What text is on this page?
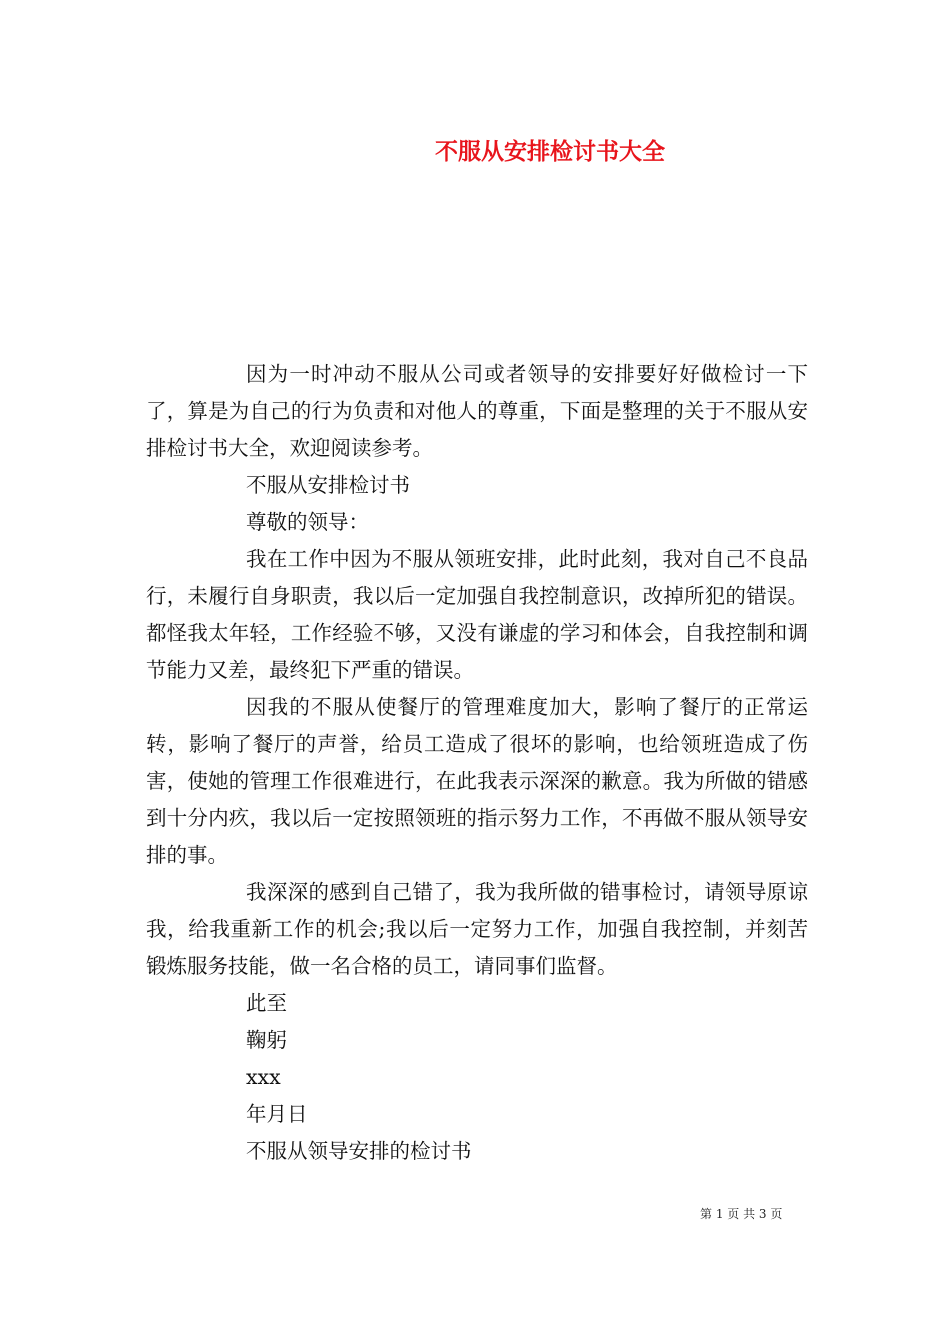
不服从安排检讨书大全

因为一时冲动不服从公司或者领导的安排要好好做检讨一下了，算是为自己的行为负责和对他人的尊重，下面是整理的关于不服从安排检讨书大全，欢迎阅读参考。

不服从安排检讨书

尊敬的领导：

我在工作中因为不服从领班安排，此时此刻，我对自己不良品行，未履行自身职责，我以后一定加强自我控制意识，改掉所犯的错误。都怪我太年轻，工作经验不够，又没有谦虚的学习和体会，自我控制和调节能力又差，最终犯下严重的错误。

因我的不服从使餐厅的管理难度加大，影响了餐厅的正常运转，影响了餐厅的声誉，给员工造成了很坏的影响，也给领班造成了伤害，使她的管理工作很难进行，在此我表示深深的歉意。我为所做的错感到十分内疚，我以后一定按照领班的指示努力工作，不再做不服从领导安排的事。

我深深的感到自己错了，我为我所做的错事检讨，请领导原谅我，给我重新工作的机会;我以后一定努力工作，加强自我控制，并刻苦锻炼服务技能，做一名合格的员工，请同事们监督。

此至

鞠躬

xxx

年月日

不服从领导安排的检讨书

第 1 页 共 3 页
